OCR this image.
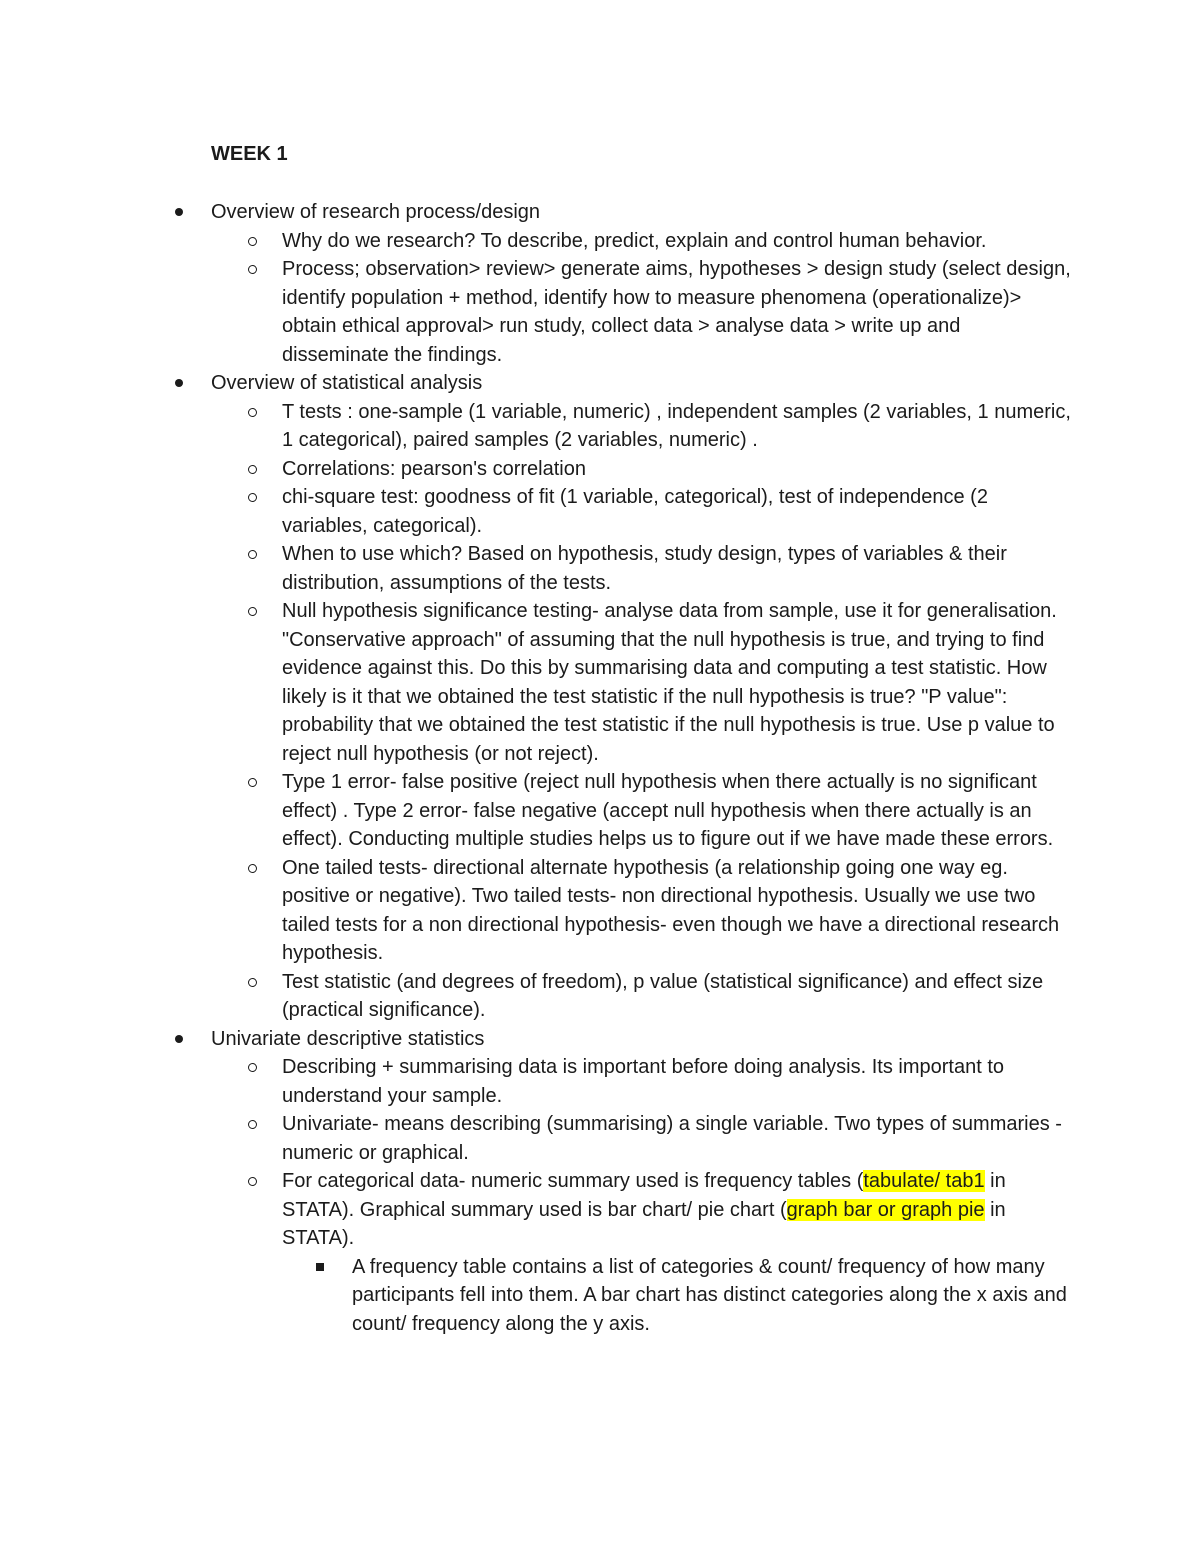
WEEK 1
Overview of research process/design
Why do we research? To describe, predict, explain and control human behavior.
Process; observation> review> generate aims, hypotheses > design study (select design, identify population + method, identify how to measure phenomena (operationalize)> obtain ethical approval> run study, collect data > analyse data > write up and disseminate the findings.
Overview of statistical analysis
T tests : one-sample (1 variable, numeric) , independent samples (2 variables, 1 numeric, 1 categorical), paired samples (2 variables, numeric) .
Correlations: pearson's correlation
chi-square test: goodness of fit (1 variable, categorical), test of independence (2 variables, categorical).
When to use which? Based on hypothesis, study design, types of variables & their distribution, assumptions of the tests.
Null hypothesis significance testing- analyse data from sample, use it for generalisation. "Conservative approach" of assuming that the null hypothesis is true, and trying to find evidence against this. Do this by summarising data and computing a test statistic. How likely is it that we obtained the test statistic if the null hypothesis is true? "P value": probability that we obtained the test statistic if the null hypothesis is true. Use p value to reject null hypothesis (or not reject).
Type 1 error- false positive (reject null hypothesis when there actually is no significant effect) . Type 2 error- false negative (accept null hypothesis when there actually is an effect). Conducting multiple studies helps us to figure out if we have made these errors.
One tailed tests- directional alternate hypothesis (a relationship going one way eg. positive or negative). Two tailed tests- non directional hypothesis. Usually we use two tailed tests for a non directional hypothesis- even though we have a directional research hypothesis.
Test statistic (and degrees of freedom), p value (statistical significance) and effect size (practical significance).
Univariate descriptive statistics
Describing + summarising data is important before doing analysis. Its important to understand your sample.
Univariate- means describing (summarising) a single variable. Two types of summaries - numeric or graphical.
For categorical data- numeric summary used is frequency tables (tabulate/ tab1 in STATA). Graphical summary used is bar chart/ pie chart (graph bar or graph pie in STATA).
A frequency table contains a list of categories & count/ frequency of how many participants fell into them. A bar chart has distinct categories along the x axis and count/ frequency along the y axis.
